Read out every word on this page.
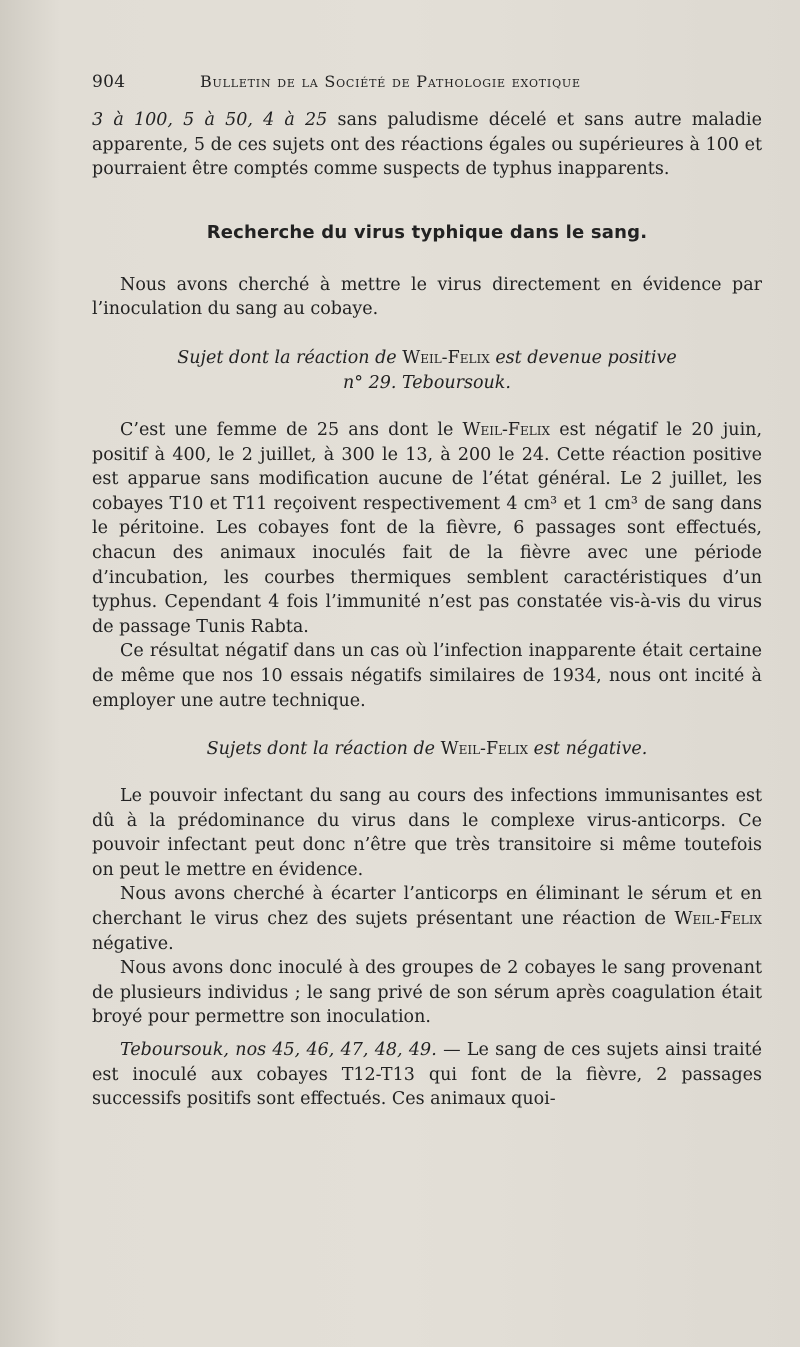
904	Bulletin de la Société de Pathologie exotique

3 à 100, 5 à 50, 4 à 25 sans paludisme décelé et sans autre maladie apparente, 5 de ces sujets ont des réactions égales ou supérieures à 100 et pourraient être comptés comme suspects de typhus inapparents.

Recherche du virus typhique dans le sang.

Nous avons cherché à mettre le virus directement en évidence par l’inoculation du sang au cobaye.

Sujet dont la réaction de Weil-Felix est devenue positive
n° 29. Teboursouk.

C’est une femme de 25 ans dont le Weil-Felix est négatif le 20 juin, positif à 400, le 2 juillet, à 300 le 13, à 200 le 24. Cette réaction positive est apparue sans modification aucune de l’état général. Le 2 juillet, les cobayes T10 et T11 reçoivent respectivement 4 cm³ et 1 cm³ de sang dans le péritoine. Les cobayes font de la fièvre, 6 passages sont effectués, chacun des animaux inoculés fait de la fièvre avec une période d’incubation, les courbes thermiques semblent caractéristiques d’un typhus. Cependant 4 fois l’immunité n’est pas constatée vis-à-vis du virus de passage Tunis Rabta.

Ce résultat négatif dans un cas où l’infection inapparente était certaine de même que nos 10 essais négatifs similaires de 1934, nous ont incité à employer une autre technique.

Sujets dont la réaction de Weil-Felix est négative.

Le pouvoir infectant du sang au cours des infections immunisantes est dû à la prédominance du virus dans le complexe virus-anticorps. Ce pouvoir infectant peut donc n’être que très transitoire si même toutefois on peut le mettre en évidence.

Nous avons cherché à écarter l’anticorps en éliminant le sérum et en cherchant le virus chez des sujets présentant une réaction de Weil-Felix négative.

Nous avons donc inoculé à des groupes de 2 cobayes le sang provenant de plusieurs individus ; le sang privé de son sérum après coagulation était broyé pour permettre son inoculation.

Teboursouk, nos 45, 46, 47, 48, 49. — Le sang de ces sujets ainsi traité est inoculé aux cobayes T12-T13 qui font de la fièvre, 2 passages successifs positifs sont effectués. Ces animaux quoi-
